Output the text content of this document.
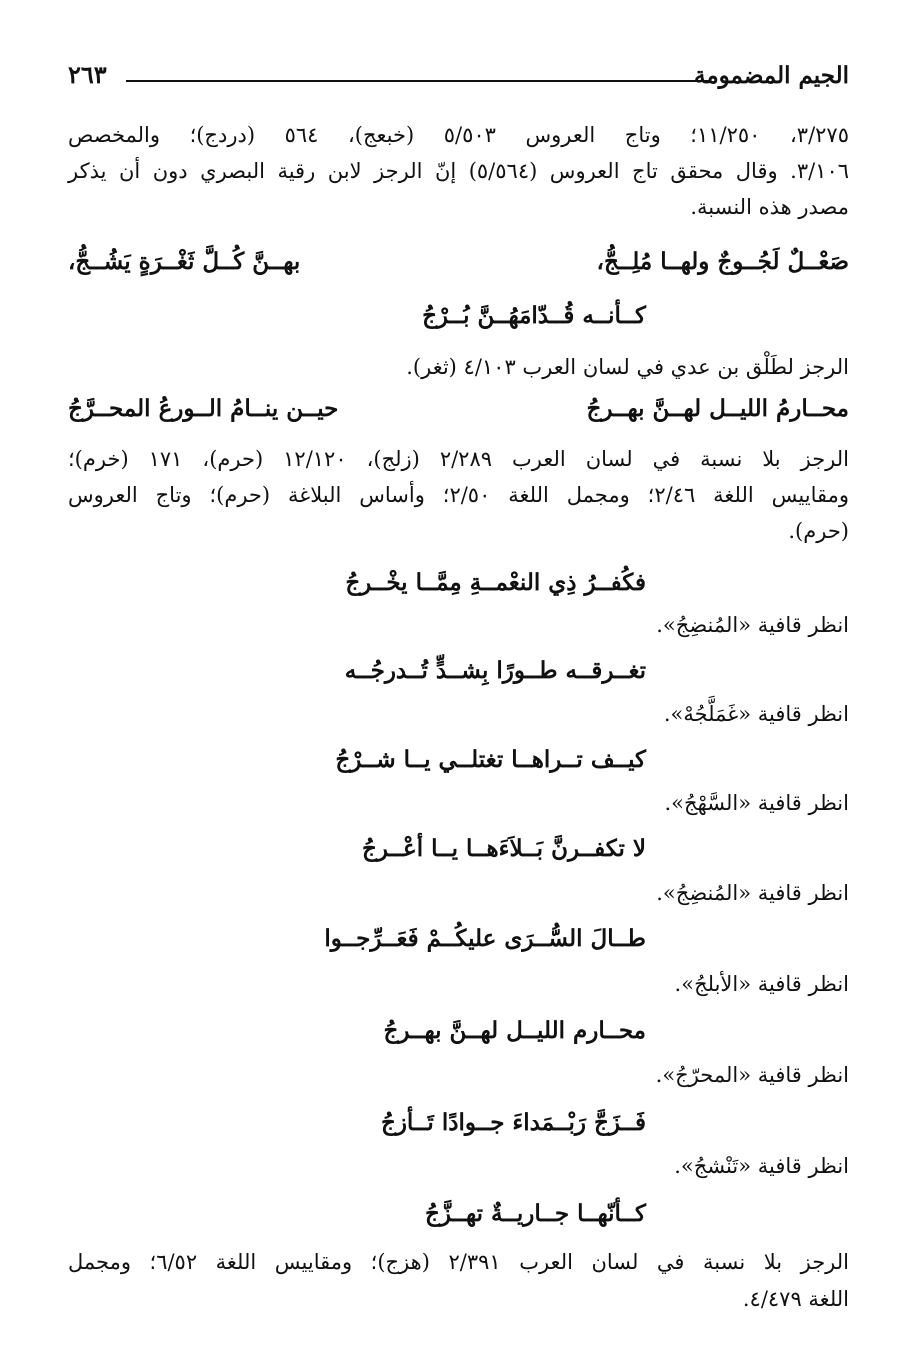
الجيم المضمومة
٢٦٣
٣/٢٧٥، ١١/٢٥٠؛ وتاج العروس ٥/٥٠٣ (خبعج)، ٥٦٤ (دردج)؛ والمخصص
٣/١٠٦. وقال محقق تاج العروس (٥/٥٦٤) إنّ الرجز لابن رقية البصري دون أن يذكر
مصدر هذه النسبة.
صَعْــلٌ لَجُــوجٌ ولهــا مُلِــجُّ،
بهــنَّ كُــلَّ ثَغْــرَةٍ يَشُــجُّ،
كــأنــه قُــدّامَهُــنَّ بُــرْجُ
الرجز لطَلْق بن عدي في لسان العرب ٤/١٠٣ (ثغر).
محــارمُ الليــل لهــنَّ بهــرجُ
حيــن ينــامُ الــورعُ المحــرَّجُ
الرجز بلا نسبة في لسان العرب ٢/٢٨٩ (زلج)، ١٢/١٢٠ (حرم)، ١٧١ (خرم)؛
ومقاييس اللغة ٢/٤٦؛ ومجمل اللغة ٢/٥٠؛ وأساس البلاغة (حرم)؛ وتاج العروس
(حرم).
فكُفــرُ ذِي النعْمــةِ مِمَّــا يخْــرجُ
انظر قافية «المُنضِجُ».
تغــرقــه طــورًا بِشــدٍّ تُــدرجُــه
انظر قافية «غَمَلَّجُهْ».
كيــف تــراهــا تغتلــي يــا شــرْجُ
انظر قافية «السَّهْجُ».
لا تكفــرنَّ بَــلاَءَهــا يــا أعْــرجُ
انظر قافية «المُنضِجُ».
طــالَ السُّــرَى عليكُــمْ فَعَــرِّجــوا
انظر قافية «الأبلجُ».
محــارم الليــل لهــنَّ بهــرجُ
انظر قافية «المحرّجُ».
فَــزَجَّ رَبْــمَداءَ جــوادًا تَــأزجُ
انظر قافية «تَنْشجُ».
كــأنّهــا جــاريــةٌ تهــزَّجُ
الرجز بلا نسبة في لسان العرب ٢/٣٩١ (هزج)؛ ومقاييس اللغة ٦/٥٢؛ ومجمل
اللغة ٤/٤٧٩.
